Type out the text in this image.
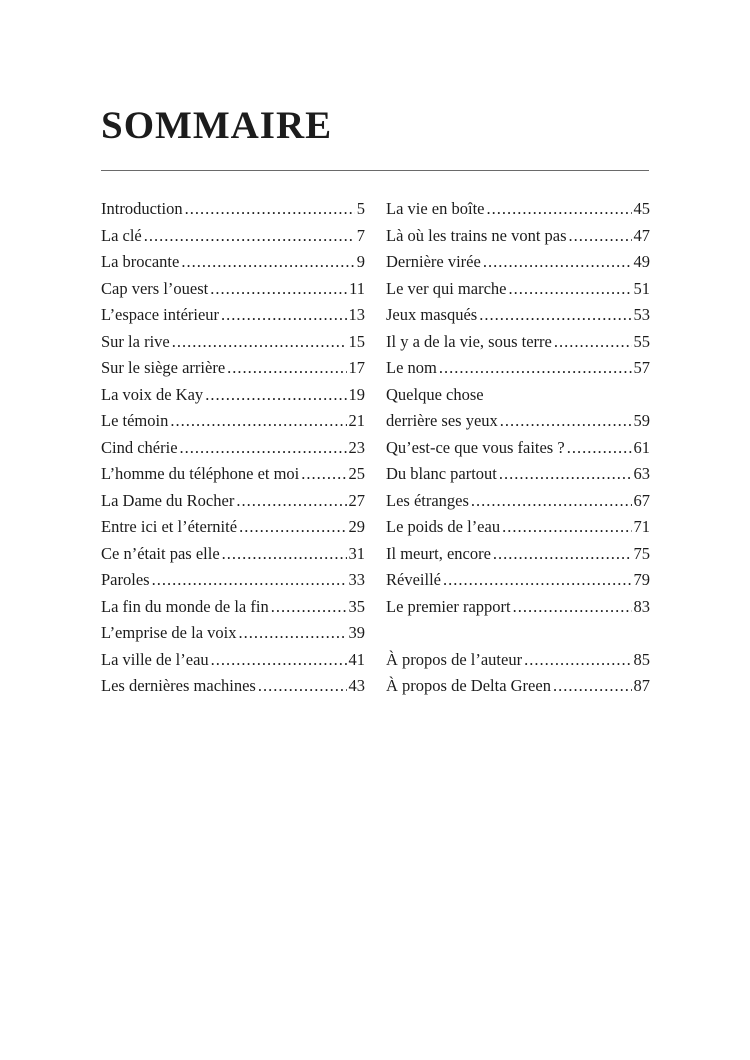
SOMMAIRE
Introduction .....	5
La clé .....	7
La brocante .....	9
Cap vers l’ouest .....	11
L’espace intérieur .....	13
Sur la rive .....	15
Sur le siège arrière .....	17
La voix de Kay .....	19
Le témoin .....	21
Cind chérie .....	23
L’homme du téléphone et moi .....	25
La Dame du Rocher .....	27
Entre ici et l’éternité .....	29
Ce n’était pas elle .....	31
Paroles .....	33
La fin du monde de la fin .....	35
L’emprise de la voix .....	39
La ville de l’eau .....	41
Les dernières machines .....	43
La vie en boîte .....	45
Là où les trains ne vont pas .....	47
Dernière virée .....	49
Le ver qui marche .....	51
Jeux masqués .....	53
Il y a de la vie, sous terre .....	55
Le nom .....	57
Quelque chose
derrière ses yeux .....	59
Qu’est-ce que vous faites ? .....	61
Du blanc partout .....	63
Les étranges .....	67
Le poids de l’eau .....	71
Il meurt, encore .....	75
Réveillé .....	79
Le premier rapport .....	83
À propos de l’auteur .....	85
À propos de Delta Green .....	87
